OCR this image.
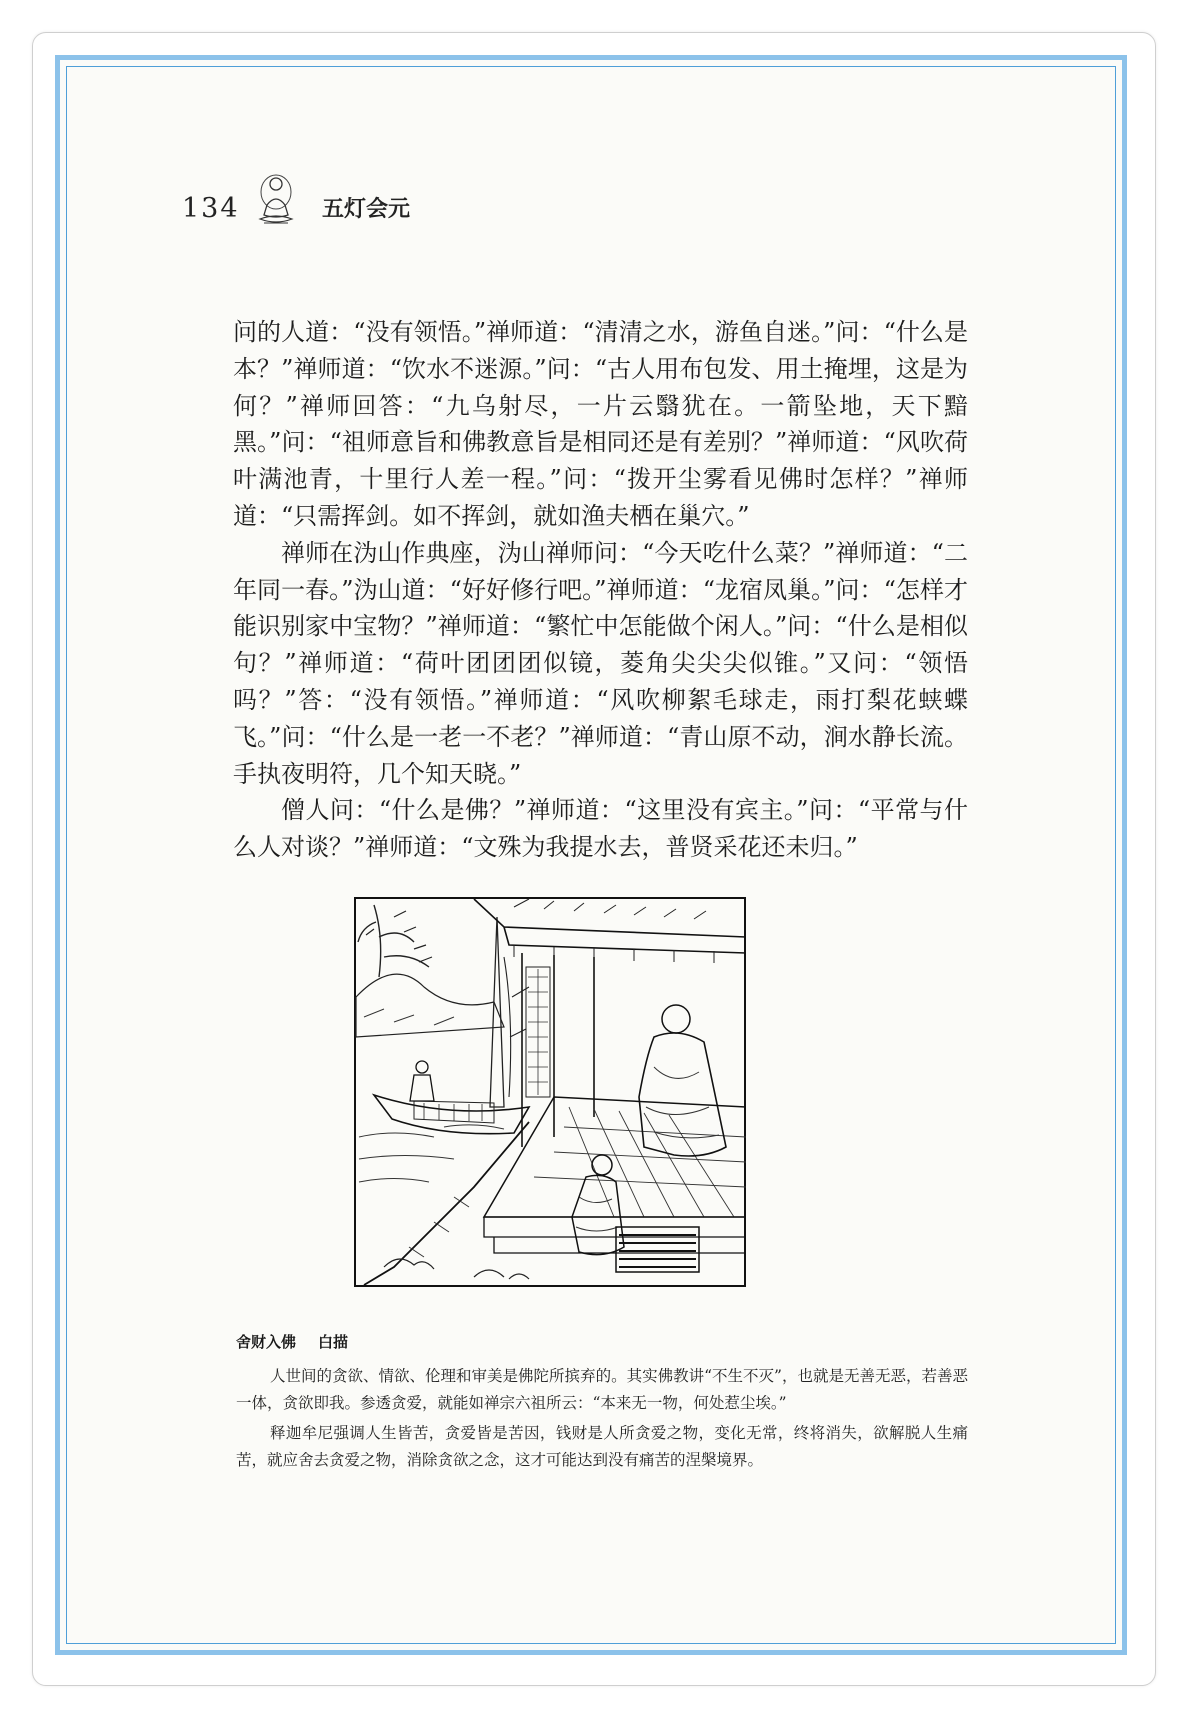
134	五灯会元

问的人道：“没有领悟。”禅师道：“清清之水，游鱼自迷。”问：“什么是本？”禅师道：“饮水不迷源。”问：“古人用布包发、用土掩埋，这是为何？”禅师回答：“九乌射尽，一片云翳犹在。一箭坠地，天下黯黑。”问：“祖师意旨和佛教意旨是相同还是有差别？”禅师道：“风吹荷叶满池青，十里行人差一程。”问：“拨开尘雾看见佛时怎样？”禅师道：“只需挥剑。如不挥剑，就如渔夫栖在巢穴。”

禅师在沩山作典座，沩山禅师问：“今天吃什么菜？”禅师道：“二年同一春。”沩山道：“好好修行吧。”禅师道：“龙宿凤巢。”问：“怎样才能识别家中宝物？”禅师道：“繁忙中怎能做个闲人。”问：“什么是相似句？”禅师道：“荷叶团团团似镜，菱角尖尖尖似锥。”又问：“领悟吗？”答：“没有领悟。”禅师道：“风吹柳絮毛球走，雨打梨花蛱蝶飞。”问：“什么是一老一不老？”禅师道：“青山原不动，涧水静长流。手执夜明符，几个知天晓。”

僧人问：“什么是佛？”禅师道：“这里没有宾主。”问：“平常与什么人对谈？”禅师道：“文殊为我提水去，普贤采花还未归。”

舍财入佛 白描

人世间的贪欲、情欲、伦理和审美是佛陀所摈弃的。其实佛教讲“不生不灭”，也就是无善无恶，若善恶一体，贪欲即我。参透贪爱，就能如禅宗六祖所云：“本来无一物，何处惹尘埃。”

释迦牟尼强调人生皆苦，贪爱皆是苦因，钱财是人所贪爱之物，变化无常，终将消失，欲解脱人生痛苦，就应舍去贪爱之物，消除贪欲之念，这才可能达到没有痛苦的涅槃境界。
